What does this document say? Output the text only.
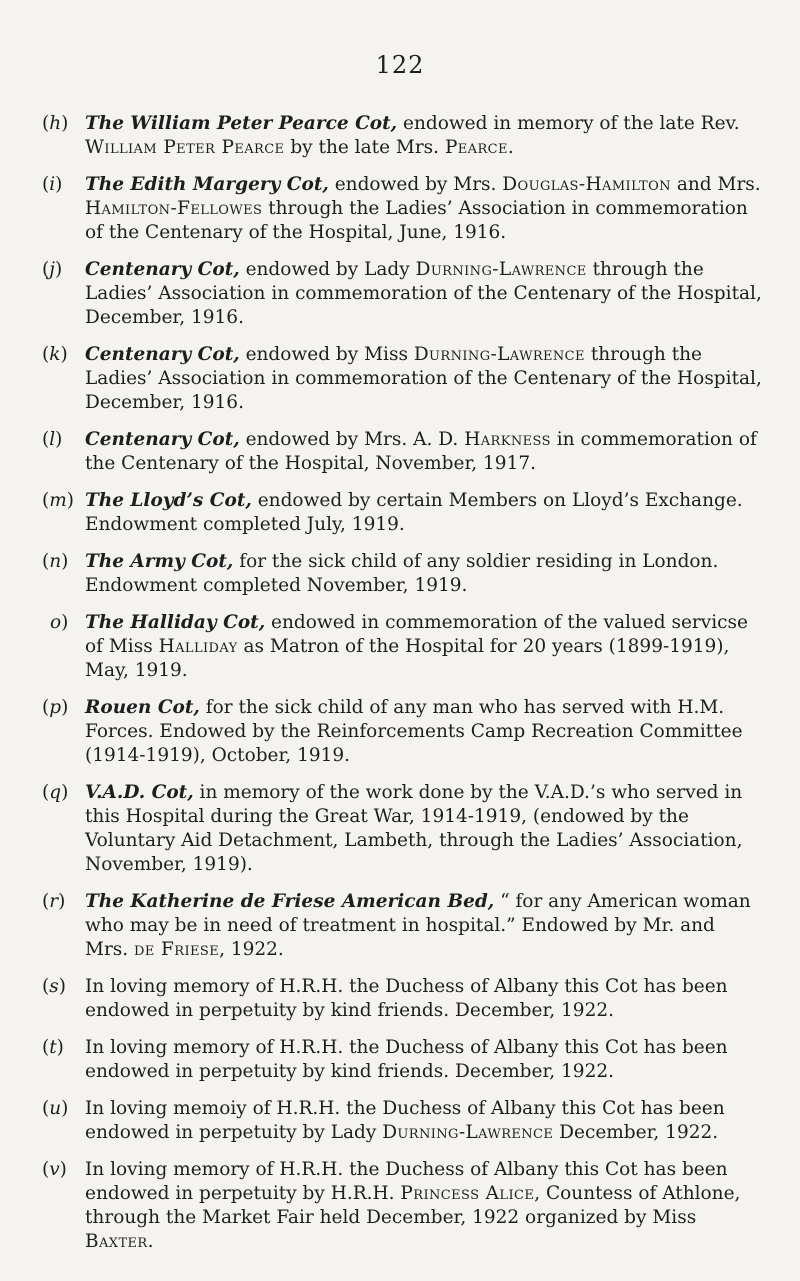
122
(h) The William Peter Pearce Cot, endowed in memory of the late Rev. William Peter Pearce by the late Mrs. Pearce.
(i) The Edith Margery Cot, endowed by Mrs. Douglas-Hamilton and Mrs. Hamilton-Fellowes through the Ladies’ Association in commemoration of the Centenary of the Hospital, June, 1916.
(j) Centenary Cot, endowed by Lady Durning-Lawrence through the Ladies’ Association in commemoration of the Centenary of the Hospital, December, 1916.
(k) Centenary Cot, endowed by Miss Durning-Lawrence through the Ladies’ Association in commemoration of the Centenary of the Hospital, December, 1916.
(l) Centenary Cot, endowed by Mrs. A. D. Harkness in commemoration of the Centenary of the Hospital, November, 1917.
(m) The Lloyd’s Cot, endowed by certain Members on Lloyd’s Exchange. Endowment completed July, 1919.
(n) The Army Cot, for the sick child of any soldier residing in London. Endowment completed November, 1919.
o) The Halliday Cot, endowed in commemoration of the valued servicse of Miss Halliday as Matron of the Hospital for 20 years (1899-1919), May, 1919.
(p) Rouen Cot, for the sick child of any man who has served with H.M. Forces. Endowed by the Reinforcements Camp Recreation Committee (1914-1919), October, 1919.
(q) V.A.D. Cot, in memory of the work done by the V.A.D.’s who served in this Hospital during the Great War, 1914-1919, (endowed by the Voluntary Aid Detachment, Lambeth, through the Ladies’ Association, November, 1919).
(r) The Katherine de Friese American Bed, “ for any American woman who may be in need of treatment in hospital.” Endowed by Mr. and Mrs. de Friese, 1922.
(s) In loving memory of H.R.H. the Duchess of Albany this Cot has been endowed in perpetuity by kind friends. December, 1922.
(t) In loving memory of H.R.H. the Duchess of Albany this Cot has been endowed in perpetuity by kind friends. December, 1922.
(u) In loving memoiy of H.R.H. the Duchess of Albany this Cot has been endowed in perpetuity by Lady Durning-Lawrence December, 1922.
(v) In loving memory of H.R.H. the Duchess of Albany this Cot has been endowed in perpetuity by H.R.H. Princess Alice, Countess of Athlone, through the Market Fair held December, 1922 organized by Miss Baxter.
